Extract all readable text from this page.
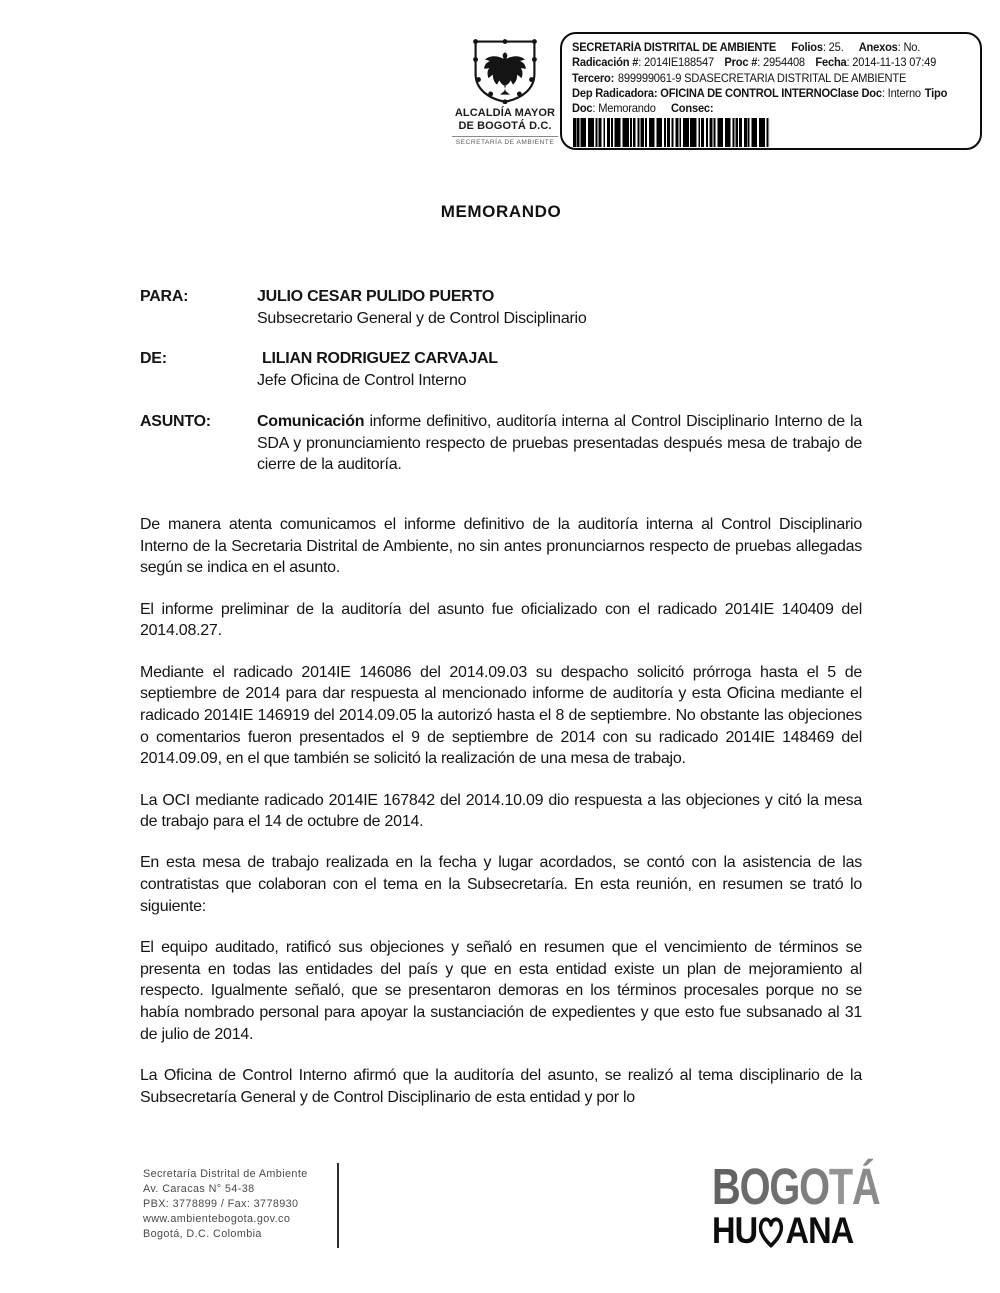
ALCALDÍA MAYOR
DE BOGOTÁ D.C.
SECRETARÍA DE AMBIENTE
SECRETARÍA DISTRITAL DE AMBIENTE Folios: 25. Anexos: No.
Radicación #: 2014IE188547 Proc #: 2954408 Fecha: 2014-11-13 07:49
Tercero: 899999061-9 SDASECRETARIA DISTRITAL DE AMBIENTE
Dep Radicadora: OFICINA DE CONTROL INTERNOClase Doc: Interno Tipo
Doc: Memorando Consec:
MEMORANDO
PARA:	JULIO CESAR PULIDO PUERTO
Subsecretario General y de Control Disciplinario
DE:	LILIAN RODRIGUEZ CARVAJAL
Jefe Oficina de Control Interno
ASUNTO:	Comunicación informe definitivo, auditoría interna al Control Disciplinario Interno de la SDA y pronunciamiento respecto de pruebas presentadas después mesa de trabajo de cierre de la auditoría.

De manera atenta comunicamos el informe definitivo de la auditoría interna al Control Disciplinario Interno de la Secretaria Distrital de Ambiente, no sin antes pronunciarnos respecto de pruebas allegadas según se indica en el asunto.

El informe preliminar de la auditoría del asunto fue oficializado con el radicado 2014IE 140409 del 2014.08.27.

Mediante el radicado 2014IE 146086 del 2014.09.03 su despacho solicitó prórroga hasta el 5 de septiembre de 2014 para dar respuesta al mencionado informe de auditoría y esta Oficina mediante el radicado 2014IE 146919 del 2014.09.05 la autorizó hasta el 8 de septiembre. No obstante las objeciones o comentarios fueron presentados el 9 de septiembre de 2014 con su radicado 2014IE 148469 del 2014.09.09, en el que también se solicitó la realización de una mesa de trabajo.

La OCI mediante radicado 2014IE 167842 del 2014.10.09 dio respuesta a las objeciones y citó la mesa de trabajo para el 14 de octubre de 2014.

En esta mesa de trabajo realizada en la fecha y lugar acordados, se contó con la asistencia de las contratistas que colaboran con el tema en la Subsecretaría. En esta reunión, en resumen se trató lo siguiente:

El equipo auditado, ratificó sus objeciones y señaló en resumen que el vencimiento de términos se presenta en todas las entidades del país y que en esta entidad existe un plan de mejoramiento al respecto. Igualmente señaló, que se presentaron demoras en los términos procesales porque no se había nombrado personal para apoyar la sustanciación de expedientes y que esto fue subsanado al 31 de julio de 2014.

La Oficina de Control Interno afirmó que la auditoría del asunto, se realizó al tema disciplinario de la Subsecretaría General y de Control Disciplinario de esta entidad y por lo

Secretaría Distrital de Ambiente
Av. Caracas N° 54-38
PBX: 3778899 / Fax: 3778930
www.ambientebogota.gov.co
Bogotá, D.C. Colombia
BOGOTÁ
HU ANA
